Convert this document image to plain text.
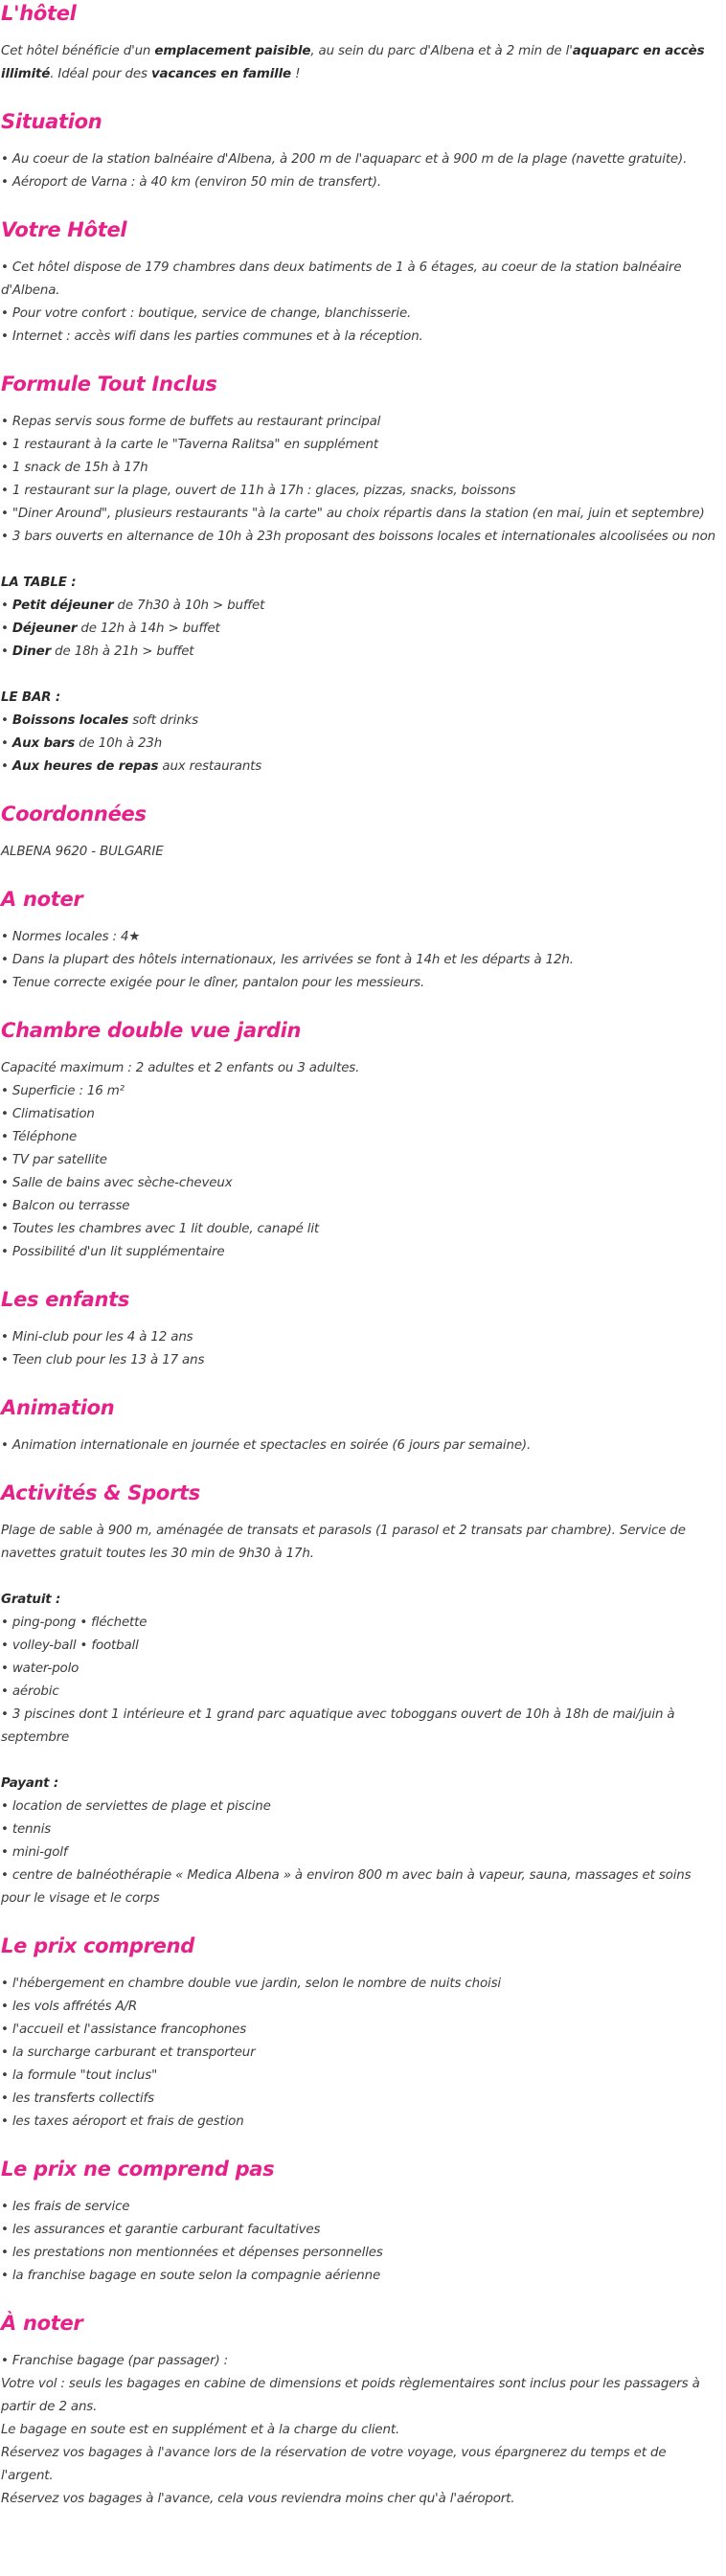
L'hôtel

Cet hôtel bénéficie d'un emplacement paisible, au sein du parc d'Albena et à 2 min de l'aquaparc en accès illimité. Idéal pour des vacances en famille !

Situation

• Au coeur de la station balnéaire d'Albena, à 200 m de l'aquaparc et à 900 m de la plage (navette gratuite).

• Aéroport de Varna : à 40 km (environ 50 min de transfert).

Votre Hôtel

• Cet hôtel dispose de 179 chambres dans deux batiments de 1 à 6 étages, au coeur de la station balnéaire d'Albena.

• Pour votre confort : boutique, service de change, blanchisserie.

• Internet : accès wifi dans les parties communes et à la réception.

Formule Tout Inclus

• Repas servis sous forme de buffets au restaurant principal

• 1 restaurant à la carte le "Taverna Ralitsa" en supplément

• 1 snack de 15h à 17h

• 1 restaurant sur la plage, ouvert de 11h à 17h : glaces, pizzas, snacks, boissons

• "Diner Around", plusieurs restaurants "à la carte" au choix répartis dans la station (en mai, juin et septembre)

• 3 bars ouverts en alternance de 10h à 23h proposant des boissons locales et internationales alcoolisées ou non

LA TABLE :

• Petit déjeuner de 7h30 à 10h > buffet

• Déjeuner de 12h à 14h > buffet

• Diner de 18h à 21h > buffet

LE BAR :

• Boissons locales soft drinks

• Aux bars de 10h à 23h

• Aux heures de repas aux restaurants

Coordonnées

ALBENA 9620 - BULGARIE

A noter

• Normes locales : 4★

• Dans la plupart des hôtels internationaux, les arrivées se font à 14h et les départs à 12h.

• Tenue correcte exigée pour le dîner, pantalon pour les messieurs.

Chambre double vue jardin

Capacité maximum : 2 adultes et 2 enfants ou 3 adultes.

• Superficie : 16 m²

• Climatisation

• Téléphone

• TV par satellite

• Salle de bains avec sèche-cheveux

• Balcon ou terrasse

• Toutes les chambres avec 1 lit double, canapé lit

• Possibilité d'un lit supplémentaire

Les enfants

• Mini-club pour les 4 à 12 ans

• Teen club pour les 13 à 17 ans

Animation

• Animation internationale en journée et spectacles en soirée (6 jours par semaine).

Activités & Sports

Plage de sable à 900 m, aménagée de transats et parasols (1 parasol et 2 transats par chambre). Service de navettes gratuit toutes les 30 min de 9h30 à 17h.

Gratuit :

• ping-pong • fléchette

• volley-ball • football

• water-polo

• aérobic

• 3 piscines dont 1 intérieure et 1 grand parc aquatique avec toboggans ouvert de 10h à 18h de mai/juin à septembre

Payant :

• location de serviettes de plage et piscine

• tennis

• mini-golf

• centre de balnéothérapie « Medica Albena » à environ 800 m avec bain à vapeur, sauna, massages et soins pour le visage et le corps

Le prix comprend

• l'hébergement en chambre double vue jardin, selon le nombre de nuits choisi

• les vols affrétés A/R

• l'accueil et l'assistance francophones

• la surcharge carburant et transporteur

• la formule "tout inclus"

• les transferts collectifs

• les taxes aéroport et frais de gestion

Le prix ne comprend pas

• les frais de service

• les assurances et garantie carburant facultatives

• les prestations non mentionnées et dépenses personnelles

• la franchise bagage en soute selon la compagnie aérienne

À noter

• Franchise bagage (par passager) :

Votre vol : seuls les bagages en cabine de dimensions et poids règlementaires sont inclus pour les passagers à partir de 2 ans.

Le bagage en soute est en supplément et à la charge du client.

Réservez vos bagages à l'avance lors de la réservation de votre voyage, vous épargnerez du temps et de l'argent.

Réservez vos bagages à l'avance, cela vous reviendra moins cher qu'à l'aéroport.
